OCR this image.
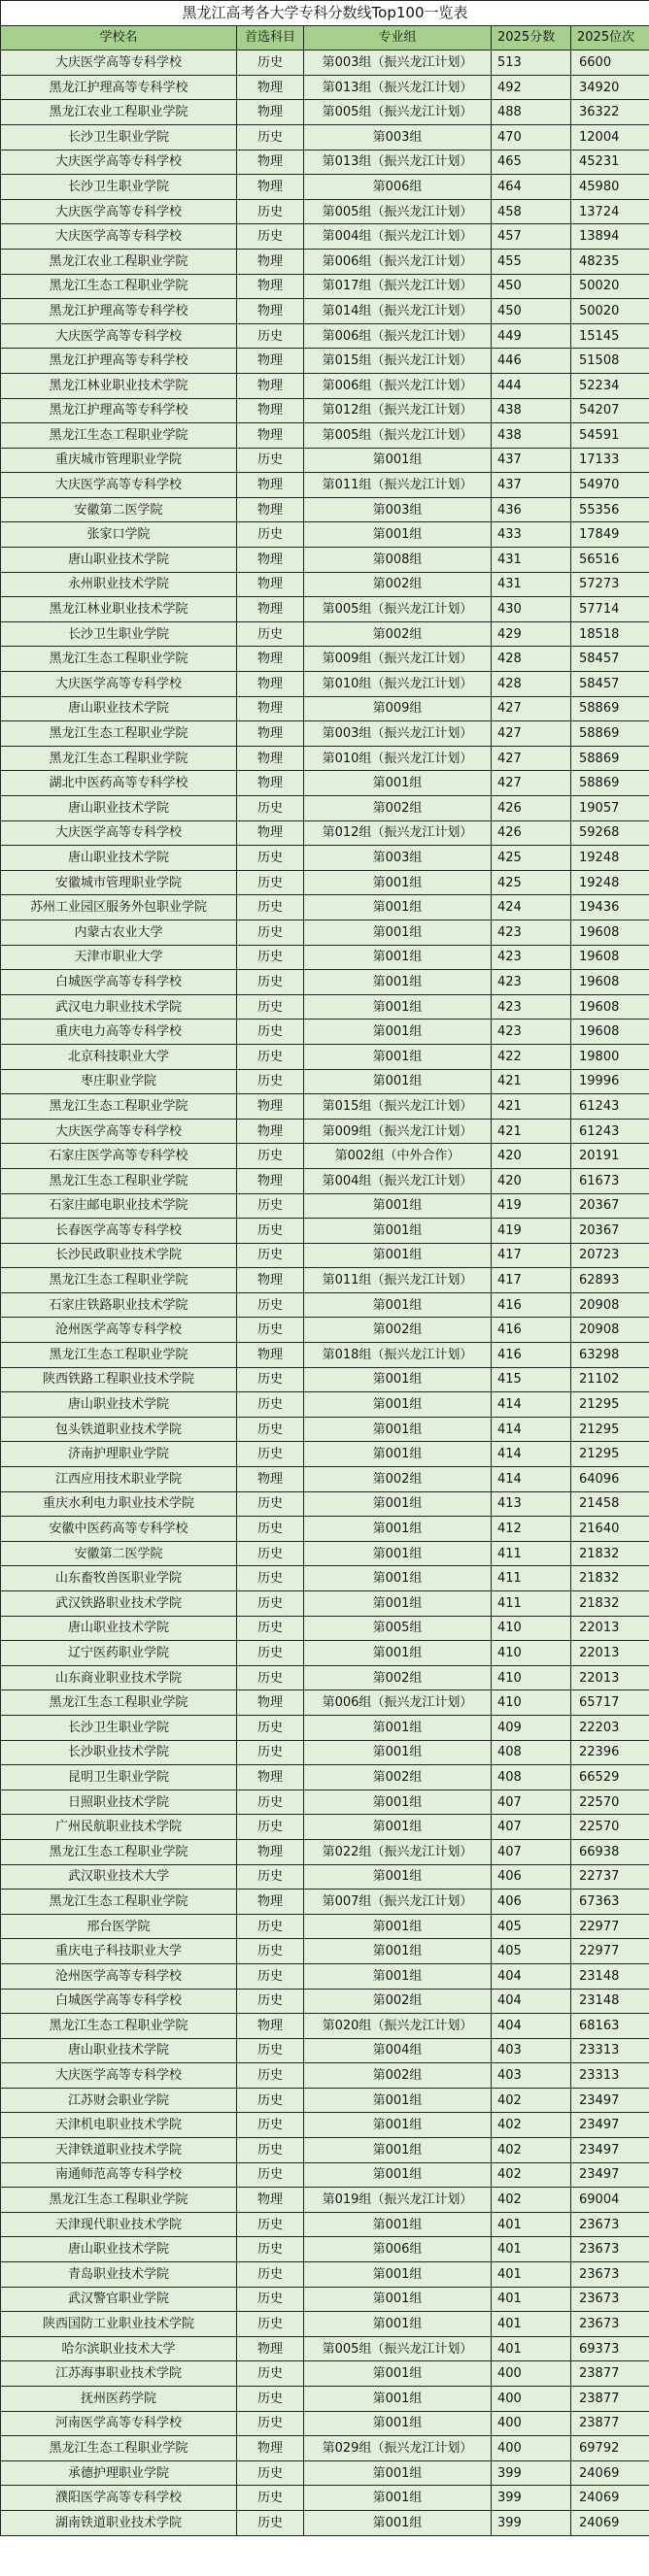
黑龙江高考各大学专科分数线Top100一览表				
学校名	首选科目	专业组	2025分数	2025位次
大庆医学高等专科学校	历史	第003组（振兴龙江计划）	513	6600
黑龙江护理高等专科学校	物理	第013组（振兴龙江计划）	492	34920
黑龙江农业工程职业学院	物理	第005组（振兴龙江计划）	488	36322
长沙卫生职业学院	历史	第003组	470	12004
大庆医学高等专科学校	物理	第013组（振兴龙江计划）	465	45231
长沙卫生职业学院	物理	第006组	464	45980
大庆医学高等专科学校	历史	第005组（振兴龙江计划）	458	13724
大庆医学高等专科学校	历史	第004组（振兴龙江计划）	457	13894
黑龙江农业工程职业学院	物理	第006组（振兴龙江计划）	455	48235
黑龙江生态工程职业学院	物理	第017组（振兴龙江计划）	450	50020
黑龙江护理高等专科学校	物理	第014组（振兴龙江计划）	450	50020
大庆医学高等专科学校	历史	第006组（振兴龙江计划）	449	15145
黑龙江护理高等专科学校	物理	第015组（振兴龙江计划）	446	51508
黑龙江林业职业技术学院	物理	第006组（振兴龙江计划）	444	52234
黑龙江护理高等专科学校	物理	第012组（振兴龙江计划）	438	54207
黑龙江生态工程职业学院	物理	第005组（振兴龙江计划）	438	54591
重庆城市管理职业学院	历史	第001组	437	17133
大庆医学高等专科学校	物理	第011组（振兴龙江计划）	437	54970
安徽第二医学院	物理	第003组	436	55356
张家口学院	历史	第001组	433	17849
唐山职业技术学院	物理	第008组	431	56516
永州职业技术学院	物理	第002组	431	57273
黑龙江林业职业技术学院	物理	第005组（振兴龙江计划）	430	57714
长沙卫生职业学院	历史	第002组	429	18518
黑龙江生态工程职业学院	物理	第009组（振兴龙江计划）	428	58457
大庆医学高等专科学校	物理	第010组（振兴龙江计划）	428	58457
唐山职业技术学院	物理	第009组	427	58869
黑龙江生态工程职业学院	物理	第003组（振兴龙江计划）	427	58869
黑龙江生态工程职业学院	物理	第010组（振兴龙江计划）	427	58869
湖北中医药高等专科学校	物理	第001组	427	58869
唐山职业技术学院	历史	第002组	426	19057
大庆医学高等专科学校	物理	第012组（振兴龙江计划）	426	59268
唐山职业技术学院	历史	第003组	425	19248
安徽城市管理职业学院	历史	第001组	425	19248
苏州工业园区服务外包职业学院	历史	第001组	424	19436
内蒙古农业大学	历史	第001组	423	19608
天津市职业大学	历史	第001组	423	19608
白城医学高等专科学校	历史	第001组	423	19608
武汉电力职业技术学院	历史	第001组	423	19608
重庆电力高等专科学校	历史	第001组	423	19608
北京科技职业大学	历史	第001组	422	19800
枣庄职业学院	历史	第001组	421	19996
黑龙江生态工程职业学院	物理	第015组（振兴龙江计划）	421	61243
大庆医学高等专科学校	物理	第009组（振兴龙江计划）	421	61243
石家庄医学高等专科学校	历史	第002组（中外合作）	420	20191
黑龙江生态工程职业学院	物理	第004组（振兴龙江计划）	420	61673
石家庄邮电职业技术学院	历史	第001组	419	20367
长春医学高等专科学校	历史	第001组	419	20367
长沙民政职业技术学院	历史	第001组	417	20723
黑龙江生态工程职业学院	物理	第011组（振兴龙江计划）	417	62893
石家庄铁路职业技术学院	历史	第001组	416	20908
沧州医学高等专科学校	历史	第002组	416	20908
黑龙江生态工程职业学院	物理	第018组（振兴龙江计划）	416	63298
陕西铁路工程职业技术学院	历史	第001组	415	21102
唐山职业技术学院	历史	第001组	414	21295
包头铁道职业技术学院	历史	第001组	414	21295
济南护理职业学院	历史	第001组	414	21295
江西应用技术职业学院	物理	第002组	414	64096
重庆水利电力职业技术学院	历史	第001组	413	21458
安徽中医药高等专科学校	历史	第001组	412	21640
安徽第二医学院	历史	第001组	411	21832
山东畜牧兽医职业学院	历史	第001组	411	21832
武汉铁路职业技术学院	历史	第001组	411	21832
唐山职业技术学院	历史	第005组	410	22013
辽宁医药职业学院	历史	第001组	410	22013
山东商业职业技术学院	历史	第002组	410	22013
黑龙江生态工程职业学院	物理	第006组（振兴龙江计划）	410	65717
长沙卫生职业学院	历史	第001组	409	22203
长沙职业技术学院	历史	第001组	408	22396
昆明卫生职业学院	物理	第002组	408	66529
日照职业技术学院	历史	第001组	407	22570
广州民航职业技术学院	历史	第001组	407	22570
黑龙江生态工程职业学院	物理	第022组（振兴龙江计划）	407	66938
武汉职业技术大学	历史	第001组	406	22737
黑龙江生态工程职业学院	物理	第007组（振兴龙江计划）	406	67363
邢台医学院	历史	第001组	405	22977
重庆电子科技职业大学	历史	第001组	405	22977
沧州医学高等专科学校	历史	第001组	404	23148
白城医学高等专科学校	历史	第002组	404	23148
黑龙江生态工程职业学院	物理	第020组（振兴龙江计划）	404	68163
唐山职业技术学院	历史	第004组	403	23313
大庆医学高等专科学校	历史	第002组	403	23313
江苏财会职业学院	历史	第001组	402	23497
天津机电职业技术学院	历史	第001组	402	23497
天津铁道职业技术学院	历史	第001组	402	23497
南通师范高等专科学校	历史	第001组	402	23497
黑龙江生态工程职业学院	物理	第019组（振兴龙江计划）	402	69004
天津现代职业技术学院	历史	第001组	401	23673
唐山职业技术学院	历史	第006组	401	23673
青岛职业技术学院	历史	第001组	401	23673
武汉警官职业学院	历史	第001组	401	23673
陕西国防工业职业技术学院	历史	第001组	401	23673
哈尔滨职业技术大学	物理	第005组（振兴龙江计划）	401	69373
江苏海事职业技术学院	历史	第001组	400	23877
抚州医药学院	历史	第001组	400	23877
河南医学高等专科学校	历史	第001组	400	23877
黑龙江生态工程职业学院	物理	第029组（振兴龙江计划）	400	69792
承德护理职业学院	历史	第001组	399	24069
濮阳医学高等专科学校	历史	第001组	399	24069
湖南铁道职业技术学院	历史	第001组	399	24069
